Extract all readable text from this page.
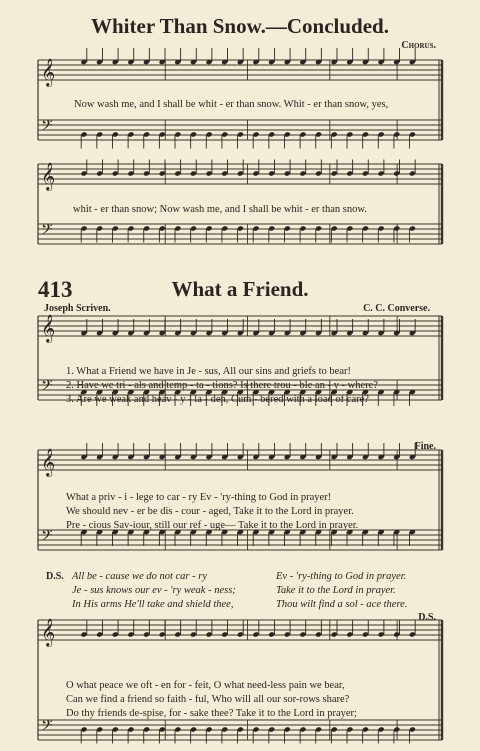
Whiter Than Snow.—Concluded.
Chorus.
𝄞
𝄢
𝄞
𝄢
𝄞
𝄢
𝄞
𝄢
𝄞
𝄢
Now wash me, and I shall be whit - er than snow. Whit - er than snow, yes,
whit - er than snow; Now wash me, and I shall be whit - er than snow.
413	What a Friend.
Joseph Scriven.	C. C. Converse.
1. What a Friend we have in Je - sus, All our sins and griefs to bear!
2. Have we tri - als and temp - ta - tions? Is there trou - ble an - y - where?
3. Are we weak and heav - y - la - den, Cum - bered with a load of care?
Fine.
What a priv - i - lege to car - ry Ev - 'ry-thing to God in prayer!
We should nev - er be dis - cour - aged, Take it to the Lord in prayer.
Pre - cious Sav-iour, still our ref - uge— Take it to the Lord in prayer.
D.S. All be - cause we do not car - ry	Ev - 'ry-thing to God in prayer.
Je - sus knows our ev - 'ry weak - ness;	Take it to the Lord in prayer.
In His arms He'll take and shield thee,	Thou wilt find a sol - ace there.
D.S.
O what peace we oft - en for - feit, O what need-less pain we bear,
Can we find a friend so faith - ful, Who will all our sor-rows share?
Do thy friends de-spise, for - sake thee? Take it to the Lord in prayer;
